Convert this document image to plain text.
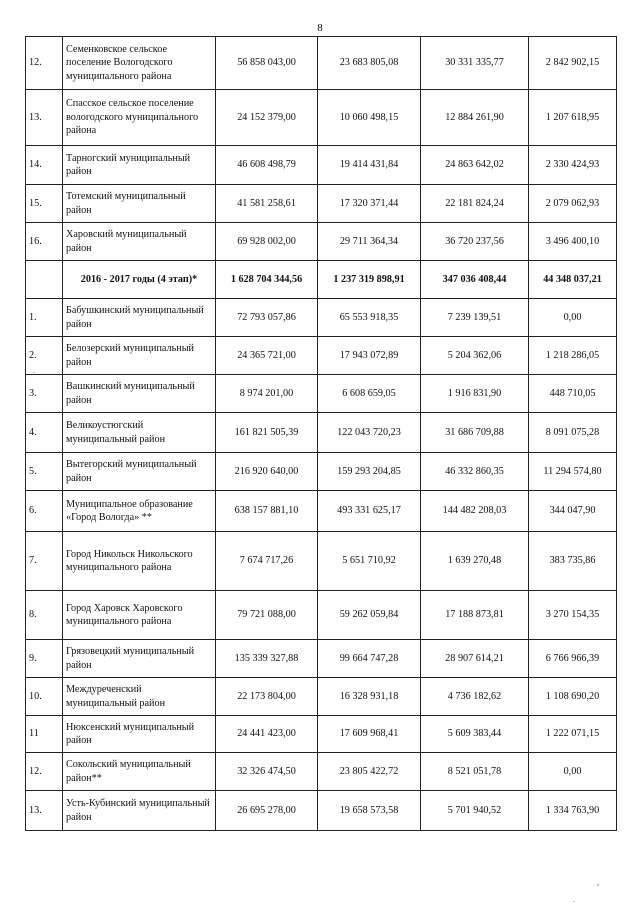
8
12.	Семенковское сельское поселение Вологодского муниципального района	56 858 043,00	23 683 805,08	30 331 335,77	2 842 902,15
13.	Спасское сельское поселение вологодского муниципального района	24 152 379,00	10 060 498,15	12 884 261,90	1 207 618,95
14.	Тарногский муниципальный район	46 608 498,79	19 414 431,84	24 863 642,02	2 330 424,93
15.	Тотемский муниципальный район	41 581 258,61	17 320 371,44	22 181 824,24	2 079 062,93
16.	Харовский муниципальный район	69 928 002,00	29 711 364,34	36 720 237,56	3 496 400,10
	2016 - 2017 годы (4 этап)*	1 628 704 344,56	1 237 319 898,91	347 036 408,44	44 348 037,21
1.	Бабушкинский муниципальный район	72 793 057,86	65 553 918,35	7 239 139,51	0,00
2.	Белозерский муниципальный район	24 365 721,00	17 943 072,89	5 204 362,06	1 218 286,05
3.	Вашкинский муниципальный район	8 974 201,00	6 608 659,05	1 916 831,90	448 710,05
4.	Великоустюгский муниципальный район	161 821 505,39	122 043 720,23	31 686 709,88	8 091 075,28
5.	Вытегорский муниципальный район	216 920 640,00	159 293 204,85	46 332 860,35	11 294 574,80
6.	Муниципальное образование «Город Вологда» **	638 157 881,10	493 331 625,17	144 482 208,03	344 047,90
7.	Город Никольск Никольского муниципального района	7 674 717,26	5 651 710,92	1 639 270,48	383 735,86
8.	Город Харовск Харовского муниципального района	79 721 088,00	59 262 059,84	17 188 873,81	3 270 154,35
9.	Грязовецкий муниципальный район	135 339 327,88	99 664 747,28	28 907 614,21	6 766 966,39
10.	Междуреченский муниципальный район	22 173 804,00	16 328 931,18	4 736 182,62	1 108 690,20
11	Нюксенский муниципальный район	24 441 423,00	17 609 968,41	5 609 383,44	1 222 071,15
12.	Сокольский муниципальный район**	32 326 474,50	23 805 422,72	8 521 051,78	0,00
13.	Усть-Кубинский муниципальный район	26 695 278,00	19 658 573,58	5 701 940,52	1 334 763,90
.
,
.
